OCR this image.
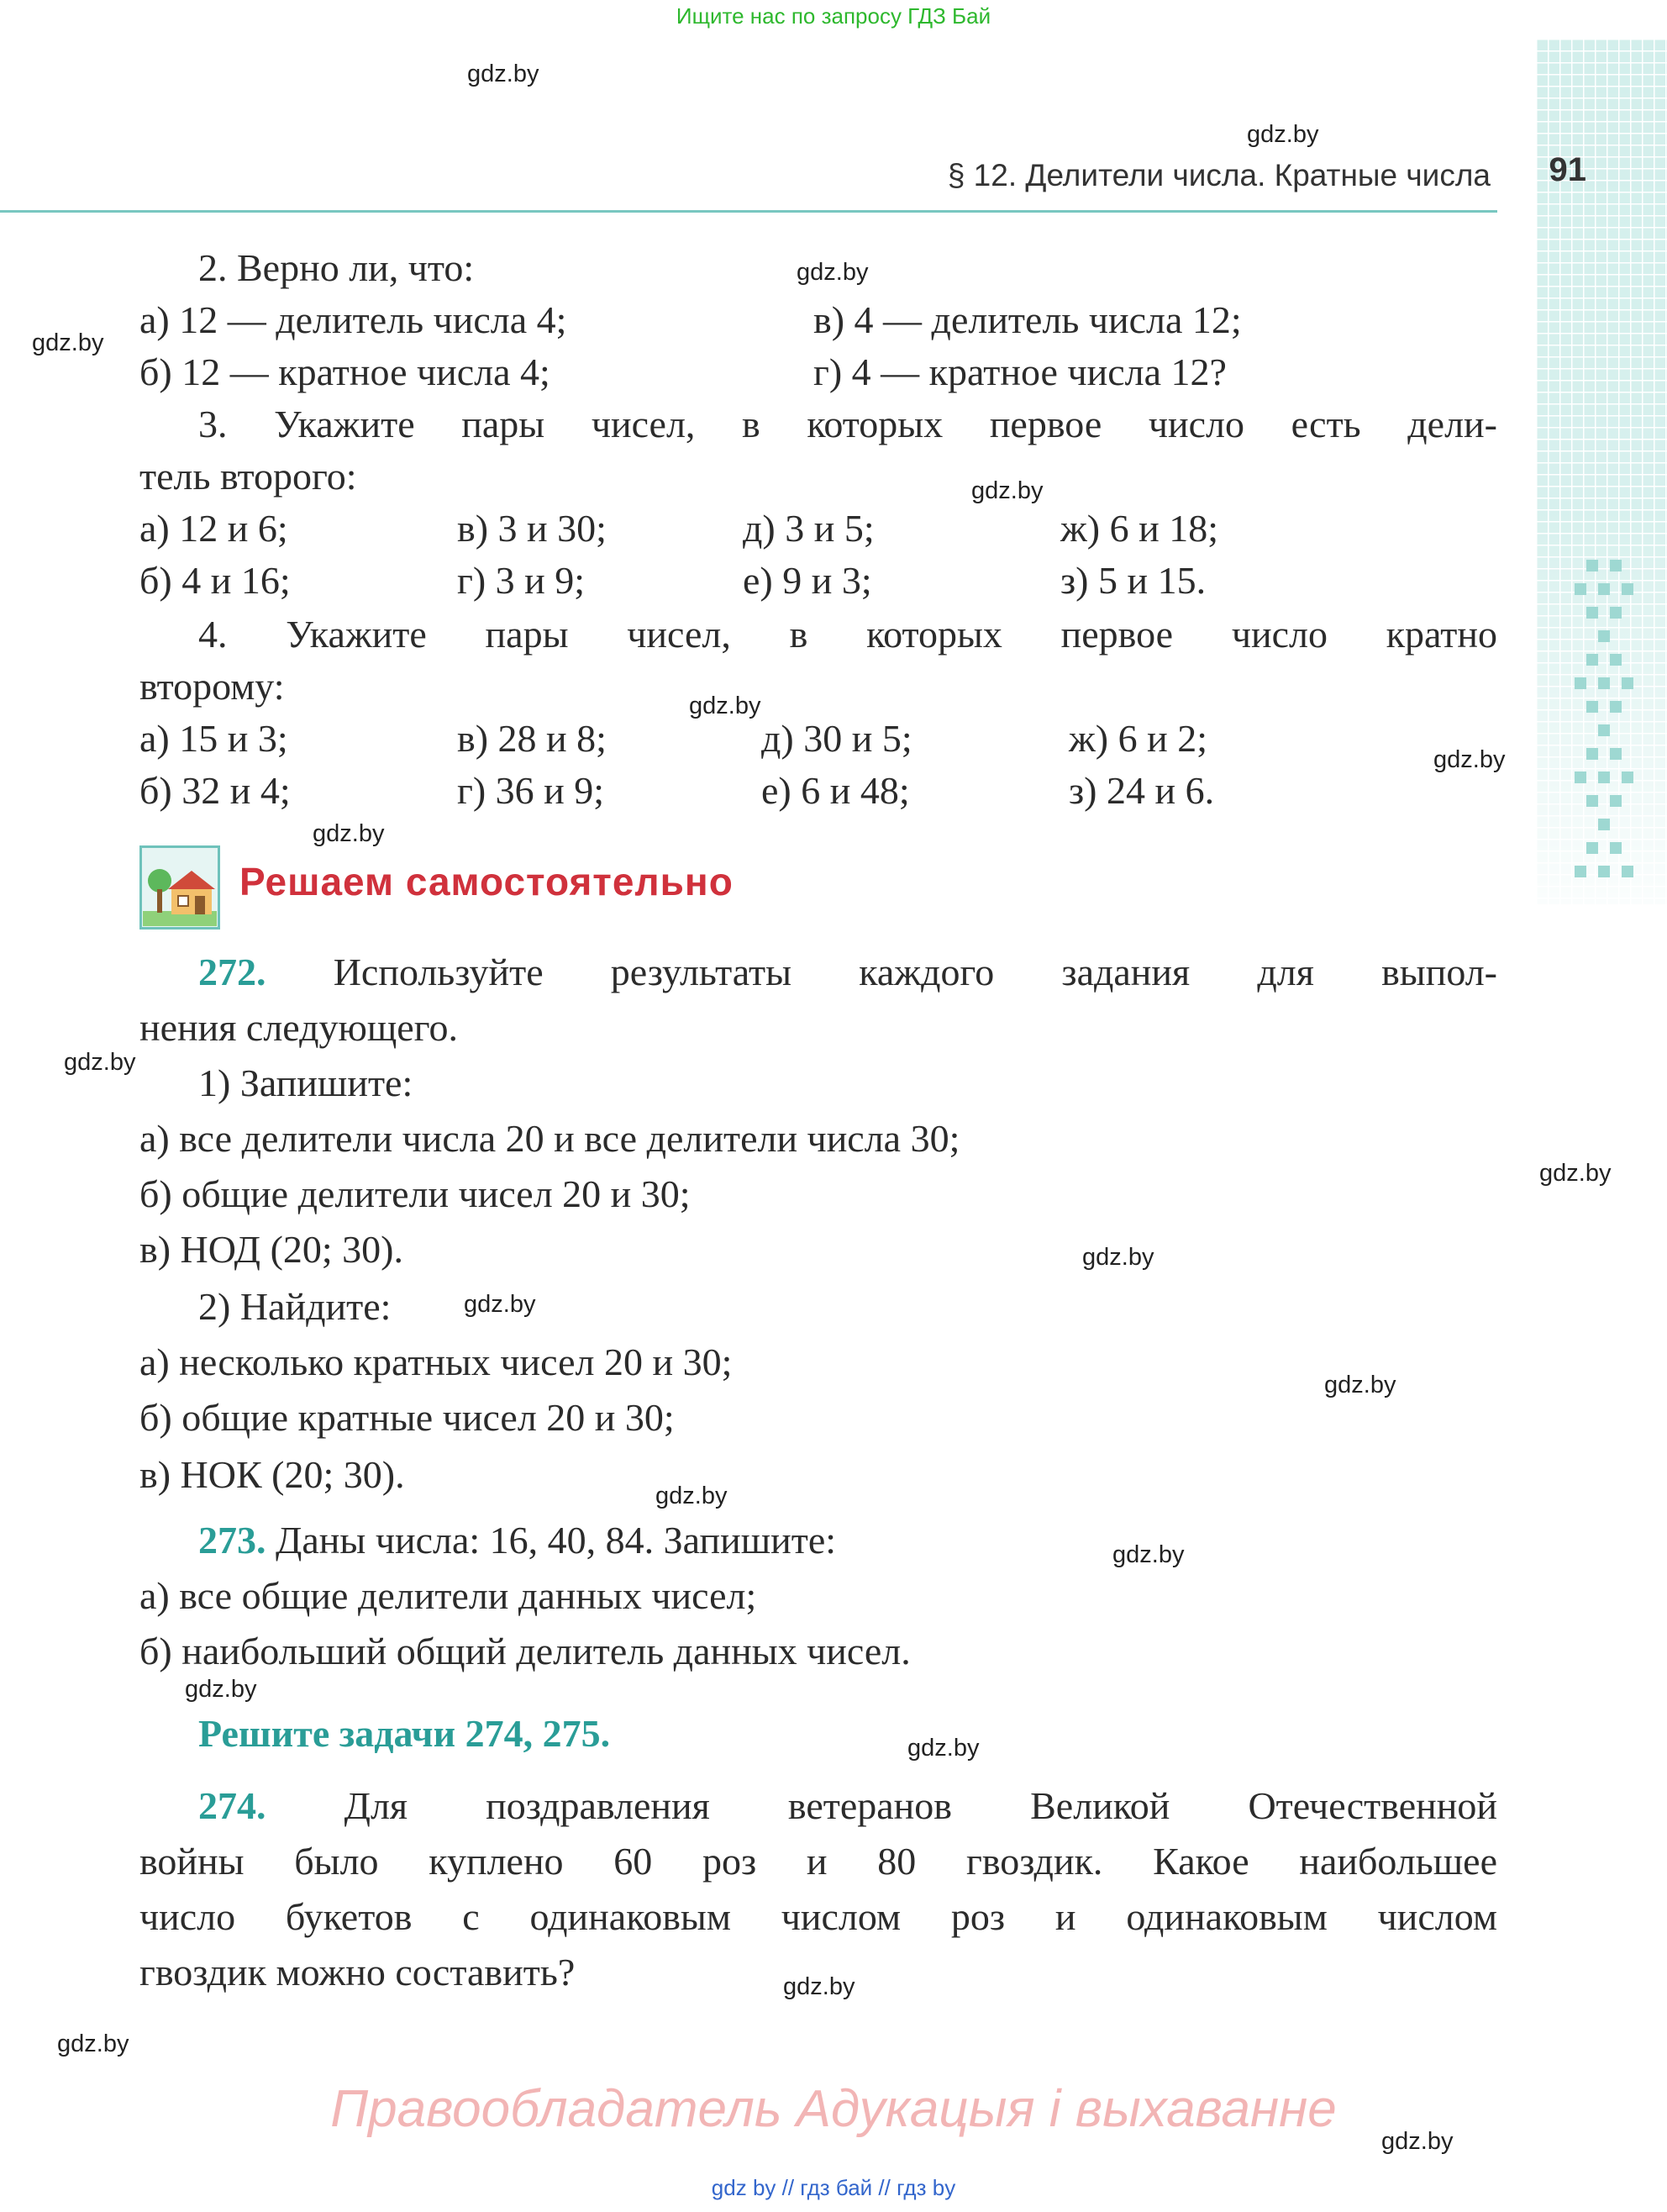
Ищите нас по запросу ГДЗ Бай
91
§ 12. Делители числа. Кратные числа
2. Верно ли, что:
а) 12 — делитель числа 4;	в) 4 — делитель числа 12;
б) 12 — кратное числа 4;	г) 4 — кратное числа 12?
3. Укажите пары чисел, в которых первое число есть дели-
тель второго:
а) 12 и 6;	в) 3 и 30;	д) 3 и 5;	ж) 6 и 18;
б) 4 и 16;	г) 3 и 9;	е) 9 и 3;	з) 5 и 15.
4. Укажите пары чисел, в которых первое число кратно
второму:
а) 15 и 3;	в) 28 и 8;	д) 30 и 5;	ж) 6 и 2;
б) 32 и 4;	г) 36 и 9;	е) 6 и 48;	з) 24 и 6.
Решаем самостоятельно
272. Используйте результаты каждого задания для выпол-
нения следующего.
1) Запишите:
а) все делители числа 20 и все делители числа 30;
б) общие делители чисел 20 и 30;
в) НОД (20; 30).
2) Найдите:
а) несколько кратных чисел 20 и 30;
б) общие кратные чисел 20 и 30;
в) НОК (20; 30).
273. Даны числа: 16, 40, 84. Запишите:
а) все общие делители данных чисел;
б) наибольший общий делитель данных чисел.
Решите задачи 274, 275.
274. Для поздравления ветеранов Великой Отечественной
войны было куплено 60 роз и 80 гвоздик. Какое наибольшее
число букетов с одинаковым числом роз и одинаковым числом
гвоздик можно составить?
Правообладатель Адукацыя і выхаванне
gdz by // гдз бай // гдз by
gdz.by
gdz.by
gdz.by
gdz.by
gdz.by
gdz.by
gdz.by
gdz.by
gdz.by
gdz.by
gdz.by
gdz.by
gdz.by
gdz.by
gdz.by
gdz.by
gdz.by
gdz.by
gdz.by
gdz.by
